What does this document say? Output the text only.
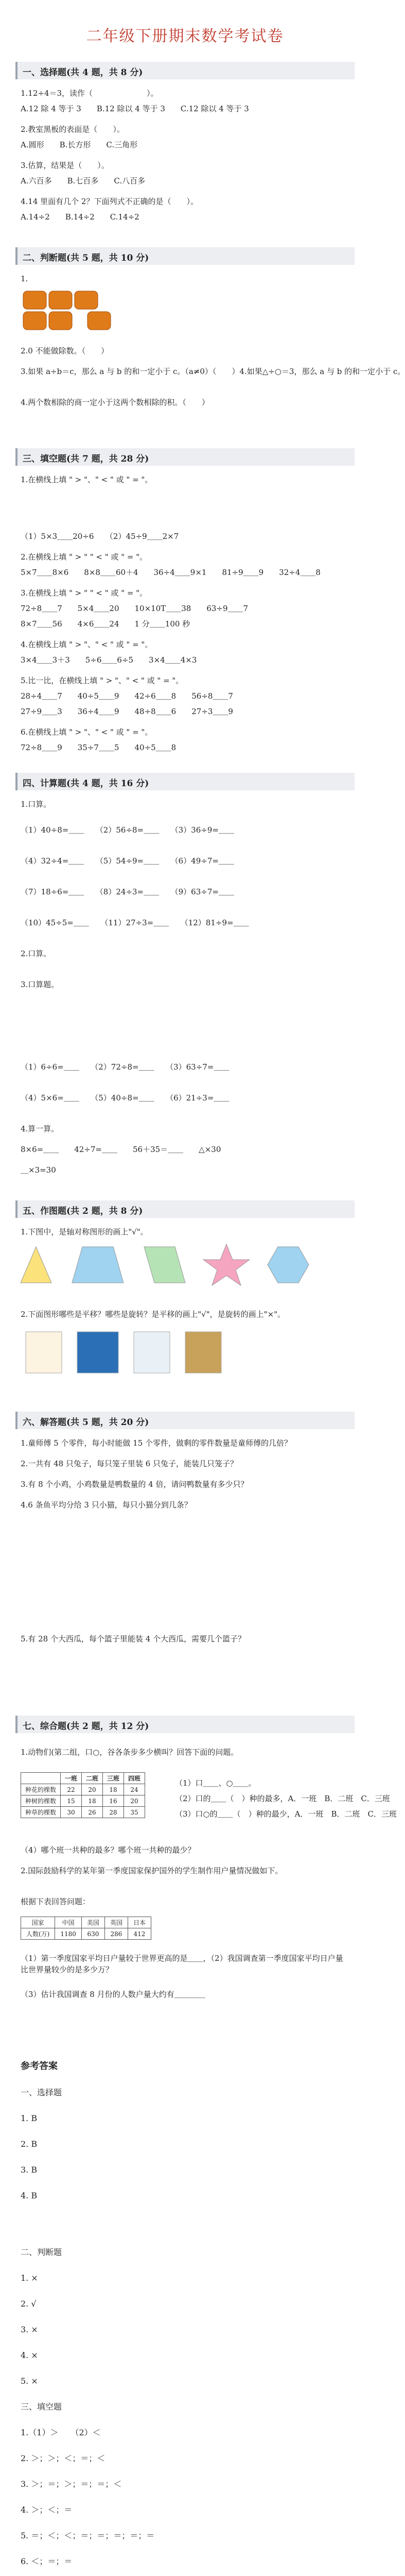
二年级下册期末数学考试卷
一、选择题(共 4 题，共 8 分)
1.12÷4＝3，读作（　　　　　　　）。
A.12 除 4 等于 3　　B.12 除以 4 等于 3　　C.12 除以 4 等于 3
2.教室黑板的表面是（　　）。
A.圆形　　B.长方形　　C.三角形
3.估算，结果是（　　）。
A.六百多　　B.七百多　　C.八百多
4.14 里面有几个 2？下面列式不正确的是（　　）。
A.14÷2　　B.14÷2　　C.14÷2
二、判断题(共 5 题，共 10 分)
1.
2.0 不能做除数。（　　）
3.如果 a÷b＝c，那么 a 与 b 的和一定小于 c。（a≠0）（　　）4.如果△÷○＝3，那么 a 与 b 的和一定小于 c。
4.两个数相除的商一定小于这两个数相除的积。（　　）
三、填空题(共 7 题，共 28 分)
1.在横线上填 " > "、" < " 或 " = "。
（1）5×3＿＿20÷6　　（2）45÷9＿＿2×7
2.在横线上填 " > " " < " 或 " = "。
5×7＿＿8×6　　8×8＿＿60＋4　　36÷4＿＿9×1　　81÷9＿＿9　　32÷4＿＿8
3.在横线上填 " > " " < " 或 " = "。
72÷8＿＿7　　5×4＿＿20　　10×10T＿＿38　　63÷9＿＿7
8×7＿＿56　　4×6＿＿24　　1 分＿＿100 秒
4.在横线上填 " > "、" < " 或 " = "。
3×4＿＿3＋3　　5÷6＿＿6÷5　　3×4＿＿4×3
5.比一比，在横线上填 " > "、" < " 或 " = "。
28÷4＿＿7　　40÷5＿＿9　　42÷6＿＿8　　56÷8＿＿7
27÷9＿＿3　　36÷4＿＿9　　48÷8＿＿6　　27÷3＿＿9
6.在横线上填 " > "、" < " 或 " = "。
72÷8＿＿9　　35÷7＿＿5　　40÷5＿＿8
四、计算题(共 4 题，共 16 分)
1.口算。
（1）40÷8=＿＿　　（2）56÷8=＿＿　　（3）36÷9=＿＿
（4）32÷4=＿＿　　（5）54÷9=＿＿　　（6）49÷7=＿＿
（7）18÷6=＿＿　　（8）24÷3=＿＿　　（9）63÷7=＿＿
（10）45÷5=＿＿　　（11）27÷3=＿＿　　（12）81÷9=＿＿
2.口算。
3.口算题。
（1）6÷6=＿＿　　（2）72÷8=＿＿　　（3）63÷7=＿＿
（4）5×6=＿＿　　（5）40÷8=＿＿　　（6）21÷3=＿＿
4.算一算。
8×6=＿＿　　42÷7=＿＿　　56＋35＝＿＿　　△×30
＿×3=30
五、作图题(共 2 题，共 8 分)
1.下图中，是轴对称图形的画上"√"。
2.下面图形哪些是平移？哪些是旋转？是平移的画上"√"，是旋转的画上"×"。
六、解答题(共 5 题，共 20 分)
1.童师傅 5 个零件，每小时能做 15 个零件，做剩的零件数量是童师傅的几倍？
2.一共有 48 只兔子，每只笼子里装 6 只兔子，能装几只笼子？
3.有 8 个小鸡，小鸡数量是鸭数量的 4 倍，请问鸭数量有多少只？
4.6 条鱼平均分给 3 只小猫，每只小猫分到几条？
5.有 28 个大西瓜，每个篮子里能装 4 个大西瓜，需要几个篮子？
七、综合题(共 2 题，共 12 分)
1.动物们(第二组，口○，谷各条步多少横叫？回答下面的问题。
	一班	二班	三班	四班
种花的棵数	22	20	18	24
种树的棵数	15	18	16	20
种草的棵数	30	26	28	35
（1）口＿＿、○＿＿。
（2）口的＿＿（　）种的最多，A．一班　B．二班　C．三班
（3）口○的＿＿（　）种的最少，A．一班　B．二班　C．三班
（4）哪个班一共种的最多？哪个班一共种的最少？
2.国际鼓励科学的某年第一季度国家保护国外的学生制作用户量情况做如下。
根据下表回答问题：
国家	中国	美国	英国	日本
人数(万)	1180	630	286	412
（1）第一季度国家平均日户量较于世界更高的是＿＿，（2）我国调查第一季度国家平均日户量比世界量较少的是多少万？
（3）估计我国调查 8 月份的人数户量大约有＿＿＿＿
参考答案
一、选择题
1. B
2. B
3. B
4. B
二、判断题
1. ×
2. √
3. ×
4. ×
5. ×
三、填空题
1.（1）＞　　（2）＜
2. ＞；＞；＜；＝；＜
3. ＞；＝；＞；＝；＝；＜
4. ＞；＜；＝
5. ＝；＜；＜；＝；＝；＝；＝；＝
6. ＜；＝；＝
